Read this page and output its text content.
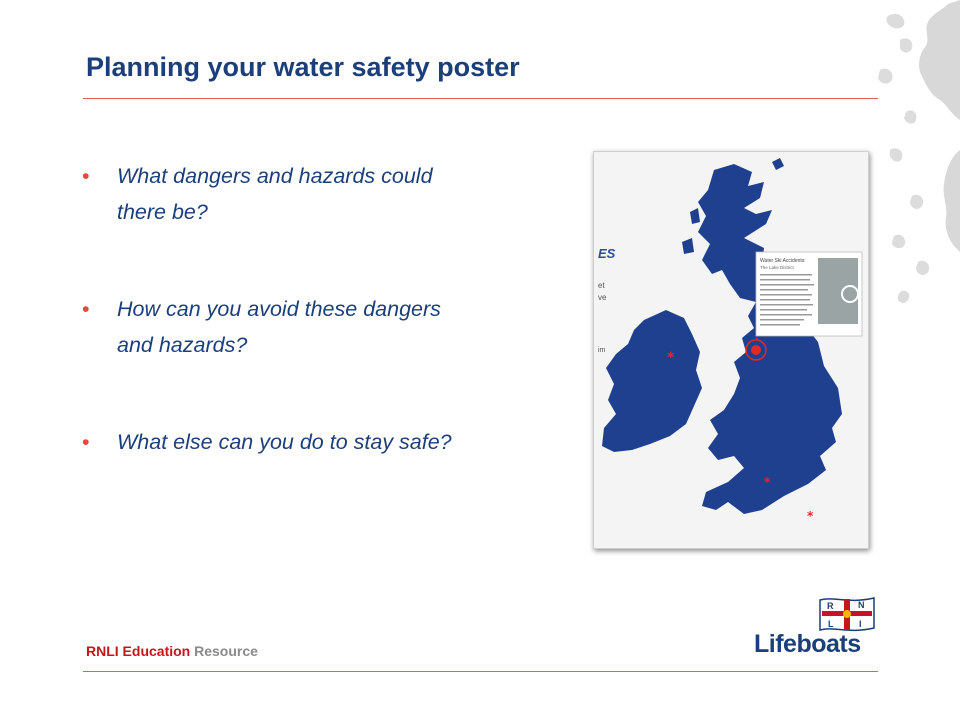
Planning your water safety poster
• What dangers and hazards could
there be?
• How can you avoid these dangers
and hazards?
• What else can you do to stay safe?
ES
et
ve
im	*
*
*
Water Ski Accidents:
The Lake District
RNLI Education Resource
R	N
L	I
Lifeboats
